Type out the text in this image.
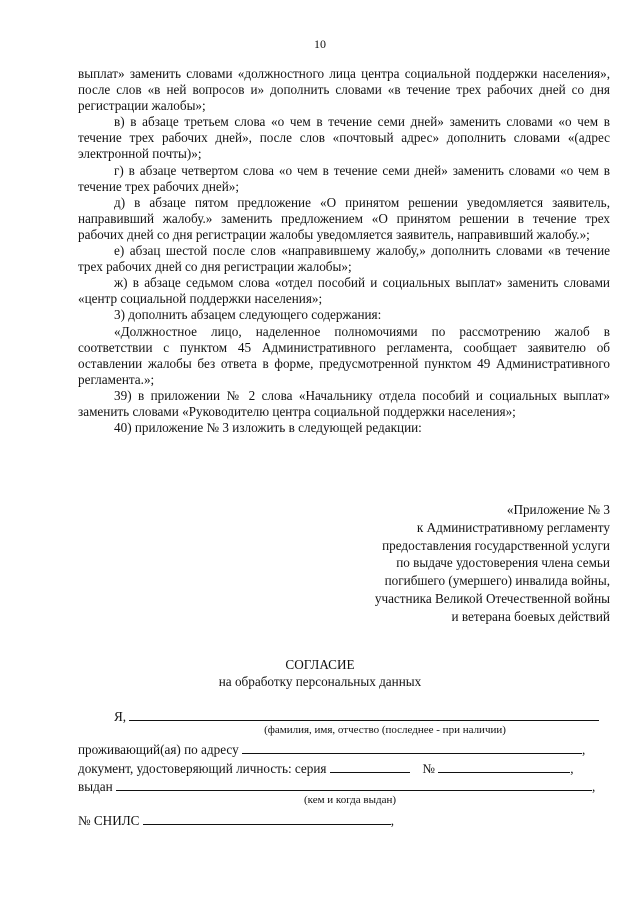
10

выплат» заменить словами «должностного лица центра социальной поддержки населения», после слов «в ней вопросов и» дополнить словами «в течение трех рабочих дней со дня регистрации жалобы»;

в) в абзаце третьем слова «о чем в течение семи дней» заменить словами «о чем в течение трех рабочих дней», после слов «почтовый адрес» дополнить словами «(адрес электронной почты)»;

г) в абзаце четвертом слова «о чем в течение семи дней» заменить словами «о чем в течение трех рабочих дней»;

д) в абзаце пятом предложение «О принятом решении уведомляется заявитель, направивший жалобу.» заменить предложением «О принятом решении в течение трех рабочих дней со дня регистрации жалобы уведомляется заявитель, направивший жалобу.»;

е) абзац шестой после слов «направившему жалобу,» дополнить словами «в течение трех рабочих дней со дня регистрации жалобы»;

ж) в абзаце седьмом слова «отдел пособий и социальных выплат» заменить словами «центр социальной поддержки населения»;

3) дополнить абзацем следующего содержания:

«Должностное лицо, наделенное полномочиями по рассмотрению жалоб в соответствии с пунктом 45 Административного регламента, сообщает заявителю об оставлении жалобы без ответа в форме, предусмотренной пунктом 49 Административного регламента.»;

39) в приложении № 2 слова «Начальнику отдела пособий и социальных выплат» заменить словами «Руководителю центра социальной поддержки населения»;

40) приложение № 3 изложить в следующей редакции:

«Приложение № 3
к Административному регламенту
предоставления государственной услуги
по выдаче удостоверения члена семьи
погибшего (умершего) инвалида войны,
участника Великой Отечественной войны
и ветерана боевых действий
СОГЛАСИЕ
на обработку персональных данных
Я,
(фамилия, имя, отчество (последнее - при наличии)
проживающий(ая) по адресу	,
документ, удостоверяющий личность: серия	№	,
выдан	,
(кем и когда выдан)
№ СНИЛС	,
